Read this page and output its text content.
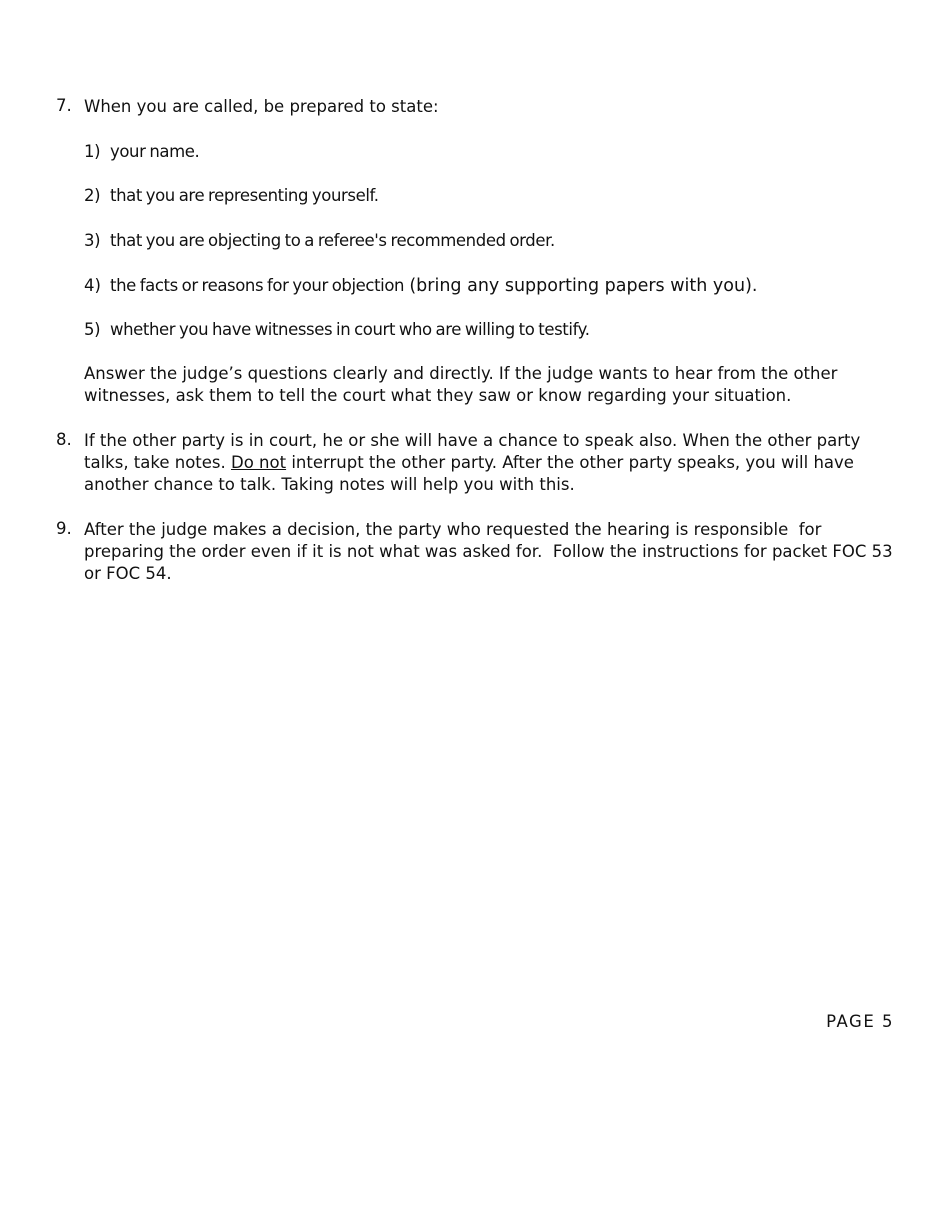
7. When you are called, be prepared to state:
1) your name.
2) that you are representing yourself.
3) that you are objecting to a referee's recommended order.
4) the facts or reasons for your objection (bring any supporting papers with you).
5) whether you have witnesses in court who are willing to testify.
Answer the judge’s questions clearly and directly. If the judge wants to hear from the other witnesses, ask them to tell the court what they saw or know regarding your situation.
8. If the other party is in court, he or she will have a chance to speak also. When the other party talks, take notes. Do not interrupt the other party. After the other party speaks, you will have another chance to talk. Taking notes will help you with this.
9. After the judge makes a decision, the party who requested the hearing is responsible  for preparing the order even if it is not what was asked for.  Follow the instructions for packet FOC 53 or FOC 54.
PAGE 5
